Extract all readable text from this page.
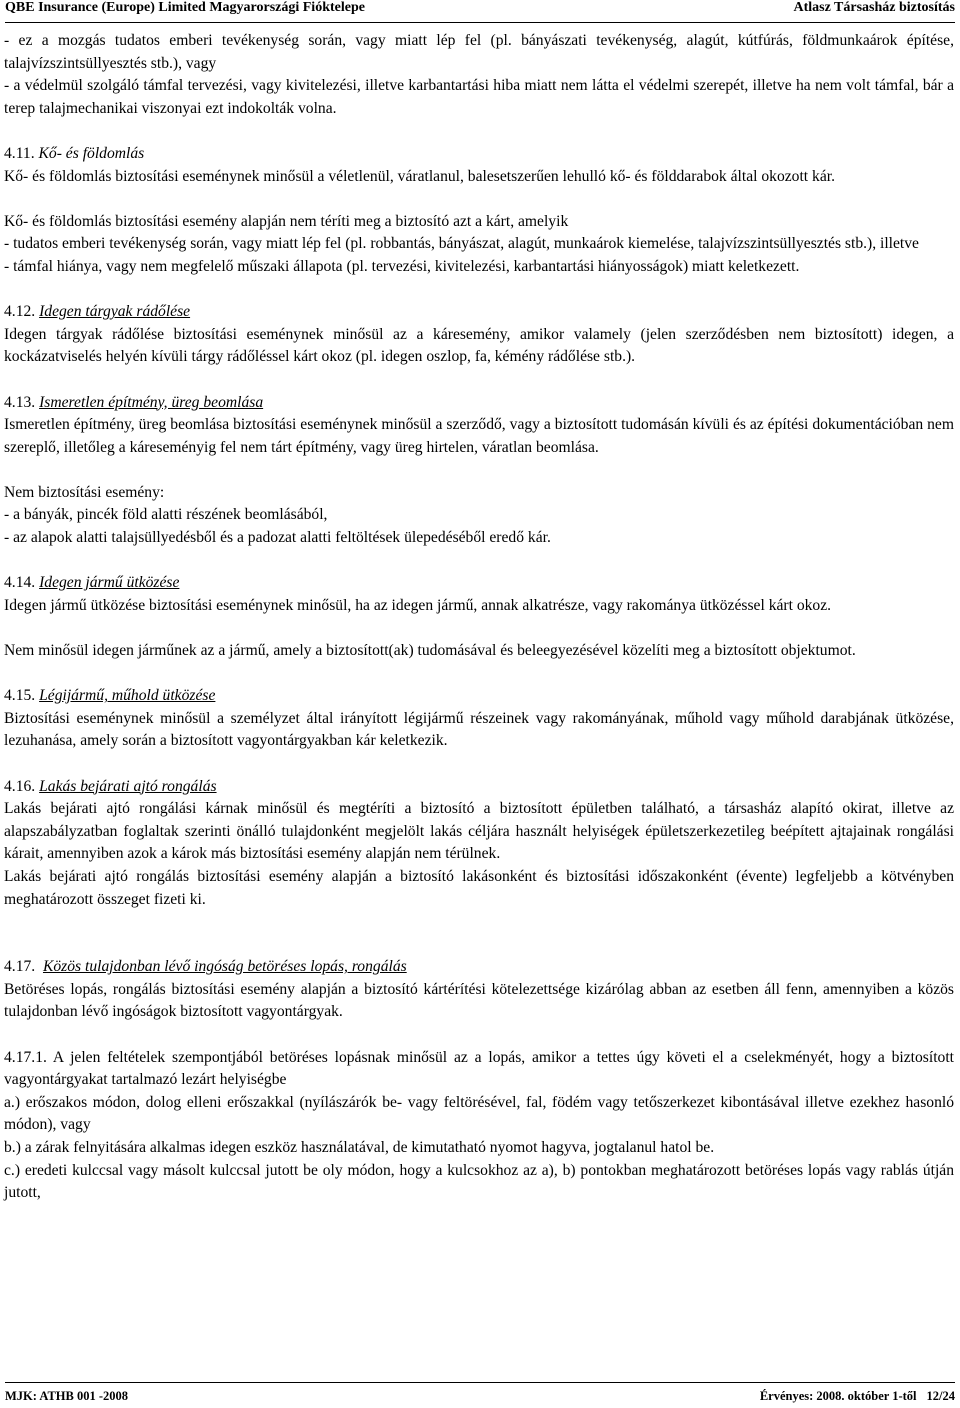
QBE Insurance (Europe) Limited Magyarországi Fióktelepe	Atlasz Társasház biztosítás

- ez a mozgás tudatos emberi tevékenység során, vagy miatt lép fel (pl. bányászati tevékenység, alagút, kútfúrás, földmunkaárok építése, talajvízszintsüllyesztés stb.), vagy

- a védelmül szolgáló támfal tervezési, vagy kivitelezési, illetve karbantartási hiba miatt nem látta el védelmi szerepét, illetve ha nem volt támfal, bár a terep talajmechanikai viszonyai ezt indokolták volna.

4.11. Kő- és földomlás

Kő- és földomlás biztosítási eseménynek minősül a véletlenül, váratlanul, balesetszerűen lehulló kő- és földdarabok által okozott kár.

Kő- és földomlás biztosítási esemény alapján nem téríti meg a biztosító azt a kárt, amelyik

- tudatos emberi tevékenység során, vagy miatt lép fel (pl. robbantás, bányászat, alagút, munkaárok kiemelése, talajvízszintsüllyesztés stb.), illetve

- támfal hiánya, vagy nem megfelelő műszaki állapota (pl. tervezési, kivitelezési, karbantartási hiányosságok) miatt keletkezett.

4.12. Idegen tárgyak rádőlése

Idegen tárgyak rádőlése biztosítási eseménynek minősül az a káresemény, amikor valamely (jelen szerződésben nem biztosított) idegen, a kockázatviselés helyén kívüli tárgy rádőléssel kárt okoz (pl. idegen oszlop, fa, kémény rádőlése stb.).

4.13. Ismeretlen építmény, üreg beomlása

Ismeretlen építmény, üreg beomlása biztosítási eseménynek minősül a szerződő, vagy a biztosított tudomásán kívüli és az építési dokumentációban nem szereplő, illetőleg a káreseményig fel nem tárt építmény, vagy üreg hirtelen, váratlan beomlása.

Nem biztosítási esemény:

- a bányák, pincék föld alatti részének beomlásából,

- az alapok alatti talajsüllyedésből és a padozat alatti feltöltések ülepedéséből eredő kár.

4.14. Idegen jármű ütközése

Idegen jármű ütközése biztosítási eseménynek minősül, ha az idegen jármű, annak alkatrésze, vagy rakománya ütközéssel kárt okoz.

Nem minősül idegen járműnek az a jármű, amely a biztosított(ak) tudomásával és beleegyezésével közelíti meg a biztosított objektumot.

4.15. Légijármű, műhold ütközése

Biztosítási eseménynek minősül a személyzet által irányított légijármű részeinek vagy rakományának, műhold vagy műhold darabjának ütközése, lezuhanása, amely során a biztosított vagyontárgyakban kár keletkezik.

4.16. Lakás bejárati ajtó rongálás

Lakás bejárati ajtó rongálási kárnak minősül és megtéríti a biztosító a biztosított épületben található, a társasház alapító okirat, illetve az alapszabályzatban foglaltak szerinti önálló tulajdonként megjelölt lakás céljára használt helyiségek épületszerkezetileg beépített ajtajainak rongálási kárait, amennyiben azok a károk más biztosítási esemény alapján nem térülnek.

Lakás bejárati ajtó rongálás biztosítási esemény alapján a biztosító lakásonként és biztosítási időszakonként (évente) legfeljebb a kötvényben meghatározott összeget fizeti ki.

4.17. Közös tulajdonban lévő ingóság betöréses lopás, rongálás

Betöréses lopás, rongálás biztosítási esemény alapján a biztosító kártérítési kötelezettsége kizárólag abban az esetben áll fenn, amennyiben a közös tulajdonban lévő ingóságok biztosított vagyontárgyak.

4.17.1. A jelen feltételek szempontjából betöréses lopásnak minősül az a lopás, amikor a tettes úgy követi el a cselekményét, hogy a biztosított vagyontárgyakat tartalmazó lezárt helyiségbe

a.) erőszakos módon, dolog elleni erőszakkal (nyílászárók be- vagy feltörésével, fal, födém vagy tetőszerkezet kibontásával illetve ezekhez hasonló módon), vagy

b.) a zárak felnyitására alkalmas idegen eszköz használatával, de kimutatható nyomot hagyva, jogtalanul hatol be.

c.) eredeti kulccsal vagy másolt kulccsal jutott be oly módon, hogy a kulcsokhoz az a), b) pontokban meghatározott betöréses lopás vagy rablás útján jutott,

MJK: ATHB 001 -2008	Érvényes: 2008. október 1-től 12/24
